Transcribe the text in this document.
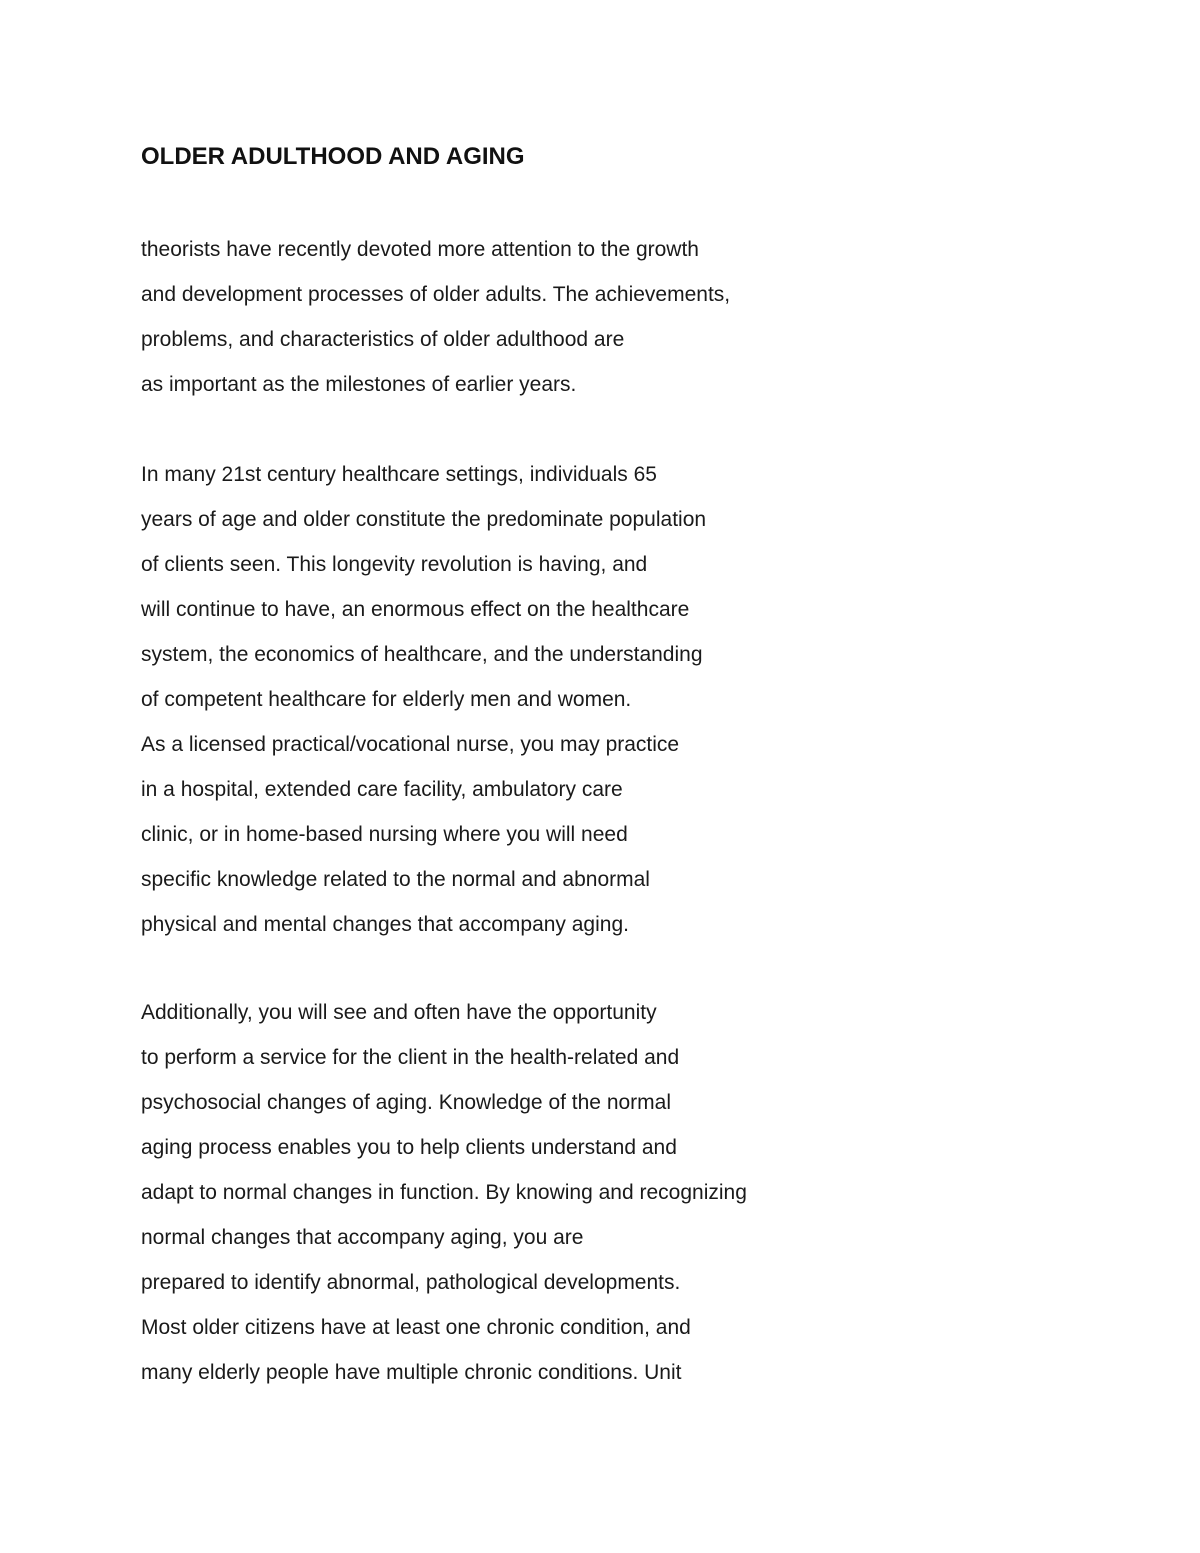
OLDER ADULTHOOD AND AGING
theorists have recently devoted more attention to the growth
and development processes of older adults. The achievements,
problems, and characteristics of older adulthood are
as important as the milestones of earlier years.
In many 21st century healthcare settings, individuals 65
years of age and older constitute the predominate population
of clients seen. This longevity revolution is having, and
will continue to have, an enormous effect on the healthcare
system, the economics of healthcare, and the understanding
of competent healthcare for elderly men and women.
As a licensed practical/vocational nurse, you may practice
in a hospital, extended care facility, ambulatory care
clinic, or in home-based nursing where you will need
specific knowledge related to the normal and abnormal
physical and mental changes that accompany aging.
Additionally, you will see and often have the opportunity
to perform a service for the client in the health-related and
psychosocial changes of aging. Knowledge of the normal
aging process enables you to help clients understand and
adapt to normal changes in function. By knowing and recognizing
normal changes that accompany aging, you are
prepared to identify abnormal, pathological developments.
Most older citizens have at least one chronic condition, and
many elderly people have multiple chronic conditions. Unit
